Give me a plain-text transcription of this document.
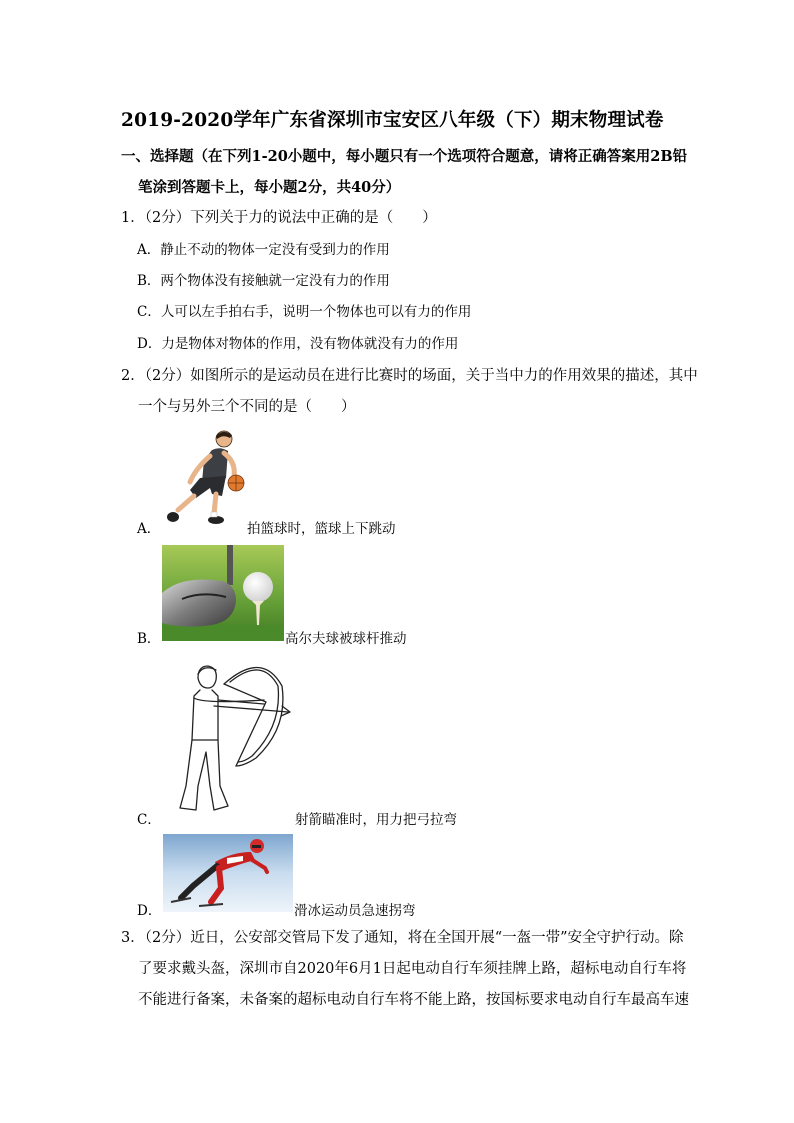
2019-2020学年广东省深圳市宝安区八年级（下）期末物理试卷
一、选择题（在下列1-20小题中，每小题只有一个选项符合题意，请将正确答案用2B铅
笔涂到答题卡上，每小题2分，共40分）
1．（2分）下列关于力的说法中正确的是（　　）
A．静止不动的物体一定没有受到力的作用
B．两个物体没有接触就一定没有力的作用
C．人可以左手拍右手，说明一个物体也可以有力的作用
D．力是物体对物体的作用，没有物体就没有力的作用
2．（2分）如图所示的是运动员在进行比赛时的场面，关于当中力的作用效果的描述，其中
一个与另外三个不同的是（　　）
A．	拍篮球时，篮球上下跳动
B．	高尔夫球被球杆推动
C．	射箭瞄准时，用力把弓拉弯
D．	滑冰运动员急速拐弯
3．（2分）近日，公安部交管局下发了通知，将在全国开展“一盔一带”安全守护行动。除
了要求戴头盔，深圳市自2020年6月1日起电动自行车须挂牌上路，超标电动自行车将
不能进行备案，未备案的超标电动自行车将不能上路，按国标要求电动自行车最高车速
